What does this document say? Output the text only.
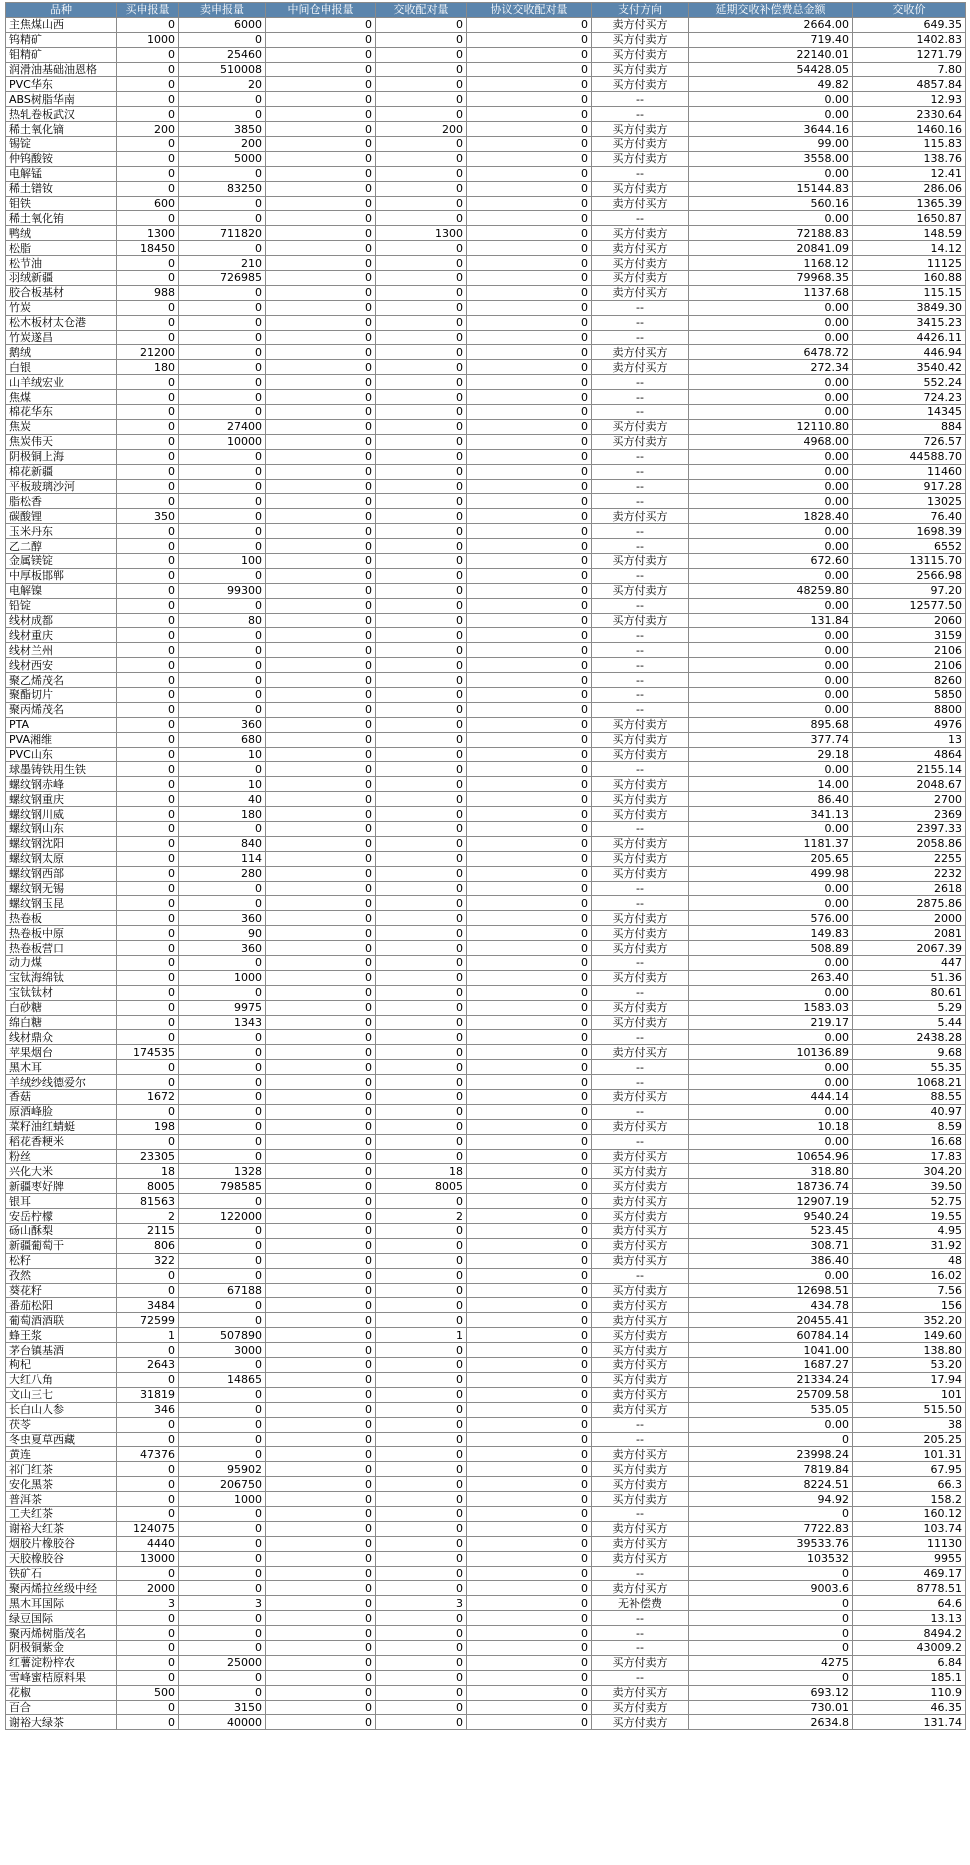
品种	买申报量	卖申报量	中间仓申报量	交收配对量	协议交收配对量	支付方向	延期交收补偿费总金额	交收价
主焦煤山西	0	6000	0	0	0	卖方付买方	2664.00	649.35
钨精矿	1000	0	0	0	0	买方付卖方	719.40	1402.83
钼精矿	0	25460	0	0	0	买方付卖方	22140.01	1271.79
润滑油基础油恩格	0	510008	0	0	0	买方付卖方	54428.05	7.80
PVC华东	0	20	0	0	0	买方付卖方	49.82	4857.84
ABS树脂华南	0	0	0	0	0	--	0.00	12.93
热轧卷板武汉	0	0	0	0	0	--	0.00	2330.64
稀土氧化镝	200	3850	0	200	0	买方付卖方	3644.16	1460.16
锡锭	0	200	0	0	0	买方付卖方	99.00	115.83
仲钨酸铵	0	5000	0	0	0	买方付卖方	3558.00	138.76
电解锰	0	0	0	0	0	--	0.00	12.41
稀土镨钕	0	83250	0	0	0	买方付卖方	15144.83	286.06
钼铁	600	0	0	0	0	卖方付买方	560.16	1365.39
稀土氧化铕	0	0	0	0	0	--	0.00	1650.87
鸭绒	1300	711820	0	1300	0	买方付卖方	72188.83	148.59
松脂	18450	0	0	0	0	卖方付买方	20841.09	14.12
松节油	0	210	0	0	0	买方付卖方	1168.12	11125
羽绒新疆	0	726985	0	0	0	买方付卖方	79968.35	160.88
胶合板基材	988	0	0	0	0	卖方付买方	1137.68	115.15
竹炭	0	0	0	0	0	--	0.00	3849.30
松木板材太仓港	0	0	0	0	0	--	0.00	3415.23
竹炭遂昌	0	0	0	0	0	--	0.00	4426.11
鹅绒	21200	0	0	0	0	卖方付买方	6478.72	446.94
白银	180	0	0	0	0	卖方付买方	272.34	3540.42
山羊绒宏业	0	0	0	0	0	--	0.00	552.24
焦煤	0	0	0	0	0	--	0.00	724.23
棉花华东	0	0	0	0	0	--	0.00	14345
焦炭	0	27400	0	0	0	买方付卖方	12110.80	884
焦炭伟天	0	10000	0	0	0	买方付卖方	4968.00	726.57
阴极铜上海	0	0	0	0	0	--	0.00	44588.70
棉花新疆	0	0	0	0	0	--	0.00	11460
平板玻璃沙河	0	0	0	0	0	--	0.00	917.28
脂松香	0	0	0	0	0	--	0.00	13025
碳酸锂	350	0	0	0	0	卖方付买方	1828.40	76.40
玉米丹东	0	0	0	0	0	--	0.00	1698.39
乙二醇	0	0	0	0	0	--	0.00	6552
金属镁锭	0	100	0	0	0	买方付卖方	672.60	13115.70
中厚板邯郸	0	0	0	0	0	--	0.00	2566.98
电解镍	0	99300	0	0	0	买方付卖方	48259.80	97.20
铅锭	0	0	0	0	0	--	0.00	12577.50
线材成都	0	80	0	0	0	买方付卖方	131.84	2060
线材重庆	0	0	0	0	0	--	0.00	3159
线材兰州	0	0	0	0	0	--	0.00	2106
线材西安	0	0	0	0	0	--	0.00	2106
聚乙烯茂名	0	0	0	0	0	--	0.00	8260
聚酯切片	0	0	0	0	0	--	0.00	5850
聚丙烯茂名	0	0	0	0	0	--	0.00	8800
PTA	0	360	0	0	0	买方付卖方	895.68	4976
PVA湘维	0	680	0	0	0	买方付卖方	377.74	13
PVC山东	0	10	0	0	0	买方付卖方	29.18	4864
球墨铸铁用生铁	0	0	0	0	0	--	0.00	2155.14
螺纹钢赤峰	0	10	0	0	0	买方付卖方	14.00	2048.67
螺纹钢重庆	0	40	0	0	0	买方付卖方	86.40	2700
螺纹钢川威	0	180	0	0	0	买方付卖方	341.13	2369
螺纹钢山东	0	0	0	0	0	--	0.00	2397.33
螺纹钢沈阳	0	840	0	0	0	买方付卖方	1181.37	2058.86
螺纹钢太原	0	114	0	0	0	买方付卖方	205.65	2255
螺纹钢西部	0	280	0	0	0	买方付卖方	499.98	2232
螺纹钢无锡	0	0	0	0	0	--	0.00	2618
螺纹钢玉昆	0	0	0	0	0	--	0.00	2875.86
热卷板	0	360	0	0	0	买方付卖方	576.00	2000
热卷板中原	0	90	0	0	0	买方付卖方	149.83	2081
热卷板营口	0	360	0	0	0	买方付卖方	508.89	2067.39
动力煤	0	0	0	0	0	--	0.00	447
宝钛海绵钛	0	1000	0	0	0	买方付卖方	263.40	51.36
宝钛钛材	0	0	0	0	0	--	0.00	80.61
白砂糖	0	9975	0	0	0	买方付卖方	1583.03	5.29
绵白糖	0	1343	0	0	0	买方付卖方	219.17	5.44
线材鼎众	0	0	0	0	0	--	0.00	2438.28
苹果烟台	174535	0	0	0	0	卖方付买方	10136.89	9.68
黑木耳	0	0	0	0	0	--	0.00	55.35
羊绒纱线德爱尔	0	0	0	0	0	--	0.00	1068.21
香菇	1672	0	0	0	0	卖方付买方	444.14	88.55
原酒峰脸	0	0	0	0	0	--	0.00	40.97
菜籽油红蜻蜓	198	0	0	0	0	卖方付买方	10.18	8.59
稻花香粳米	0	0	0	0	0	--	0.00	16.68
粉丝	23305	0	0	0	0	卖方付买方	10654.96	17.83
兴化大米	18	1328	0	18	0	买方付卖方	318.80	304.20
新疆枣好牌	8005	798585	0	8005	0	买方付卖方	18736.74	39.50
银耳	81563	0	0	0	0	卖方付买方	12907.19	52.75
安岳柠檬	2	122000	0	2	0	买方付卖方	9540.24	19.55
砀山酥梨	2115	0	0	0	0	卖方付买方	523.45	4.95
新疆葡萄干	806	0	0	0	0	卖方付买方	308.71	31.92
松籽	322	0	0	0	0	卖方付买方	386.40	48
孜然	0	0	0	0	0	--	0.00	16.02
葵花籽	0	67188	0	0	0	买方付卖方	12698.51	7.56
番茄松阳	3484	0	0	0	0	卖方付买方	434.78	156
葡萄酒酒联	72599	0	0	0	0	卖方付买方	20455.41	352.20
蜂王浆	1	507890	0	1	0	买方付卖方	60784.14	149.60
茅台镇基酒	0	3000	0	0	0	买方付卖方	1041.00	138.80
枸杞	2643	0	0	0	0	卖方付买方	1687.27	53.20
大红八角	0	14865	0	0	0	买方付卖方	21334.24	17.94
文山三七	31819	0	0	0	0	卖方付买方	25709.58	101
长白山人参	346	0	0	0	0	卖方付买方	535.05	515.50
茯苓	0	0	0	0	0	--	0.00	38
冬虫夏草西藏	0	0	0	0	0	--	0	205.25
黄连	47376	0	0	0	0	卖方付买方	23998.24	101.31
祁门红茶	0	95902	0	0	0	买方付卖方	7819.84	67.95
安化黑茶	0	206750	0	0	0	买方付卖方	8224.51	66.3
普洱茶	0	1000	0	0	0	买方付卖方	94.92	158.2
工夫红茶	0	0	0	0	0	--	0	160.12
谢裕大红茶	124075	0	0	0	0	卖方付买方	7722.83	103.74
烟胶片橡胶谷	4440	0	0	0	0	卖方付买方	39533.76	11130
天胶橡胶谷	13000	0	0	0	0	卖方付买方	103532	9955
铁矿石	0	0	0	0	0	--	0	469.17
聚丙烯拉丝级中经	2000	0	0	0	0	卖方付买方	9003.6	8778.51
黑木耳国际	3	3	0	3	0	无补偿费	0	64.6
绿豆国际	0	0	0	0	0	--	0	13.13
聚丙烯树脂茂名	0	0	0	0	0	--	0	8494.2
阴极铜紫金	0	0	0	0	0	--	0	43009.2
红薯淀粉梓农	0	25000	0	0	0	买方付卖方	4275	6.84
雪峰蜜桔原料果	0	0	0	0	0	--	0	185.1
花椒	500	0	0	0	0	卖方付买方	693.12	110.9
百合	0	3150	0	0	0	买方付卖方	730.01	46.35
谢裕大绿茶	0	40000	0	0	0	买方付卖方	2634.8	131.74
